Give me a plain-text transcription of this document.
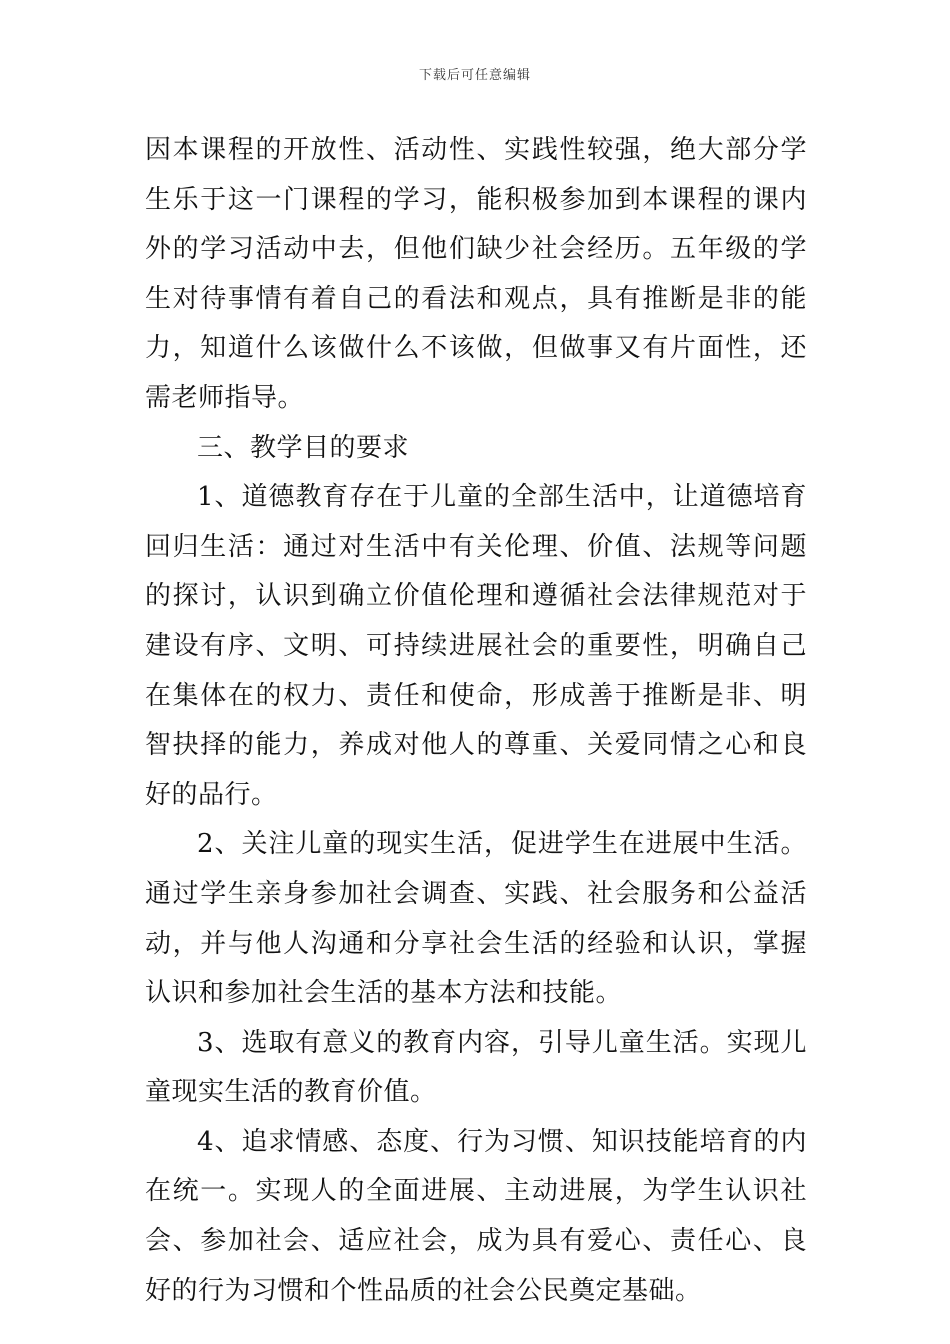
下载后可任意编辑

因本课程的开放性、活动性、实践性较强，绝大部分学生乐于这一门课程的学习，能积极参加到本课程的课内外的学习活动中去，但他们缺少社会经历。五年级的学生对待事情有着自己的看法和观点，具有推断是非的能力，知道什么该做什么不该做，但做事又有片面性，还需老师指导。

三、教学目的要求

1、道德教育存在于儿童的全部生活中，让道德培育回归生活：通过对生活中有关伦理、价值、法规等问题的探讨，认识到确立价值伦理和遵循社会法律规范对于建设有序、文明、可持续进展社会的重要性，明确自己在集体在的权力、责任和使命，形成善于推断是非、明智抉择的能力，养成对他人的尊重、关爱同情之心和良好的品行。

2、关注儿童的现实生活，促进学生在进展中生活。通过学生亲身参加社会调查、实践、社会服务和公益活动，并与他人沟通和分享社会生活的经验和认识，掌握认识和参加社会生活的基本方法和技能。

3、选取有意义的教育内容，引导儿童生活。实现儿童现实生活的教育价值。

4、追求情感、态度、行为习惯、知识技能培育的内在统一。实现人的全面进展、主动进展，为学生认识社会、参加社会、适应社会，成为具有爱心、责任心、良好的行为习惯和个性品质的社会公民奠定基础。
